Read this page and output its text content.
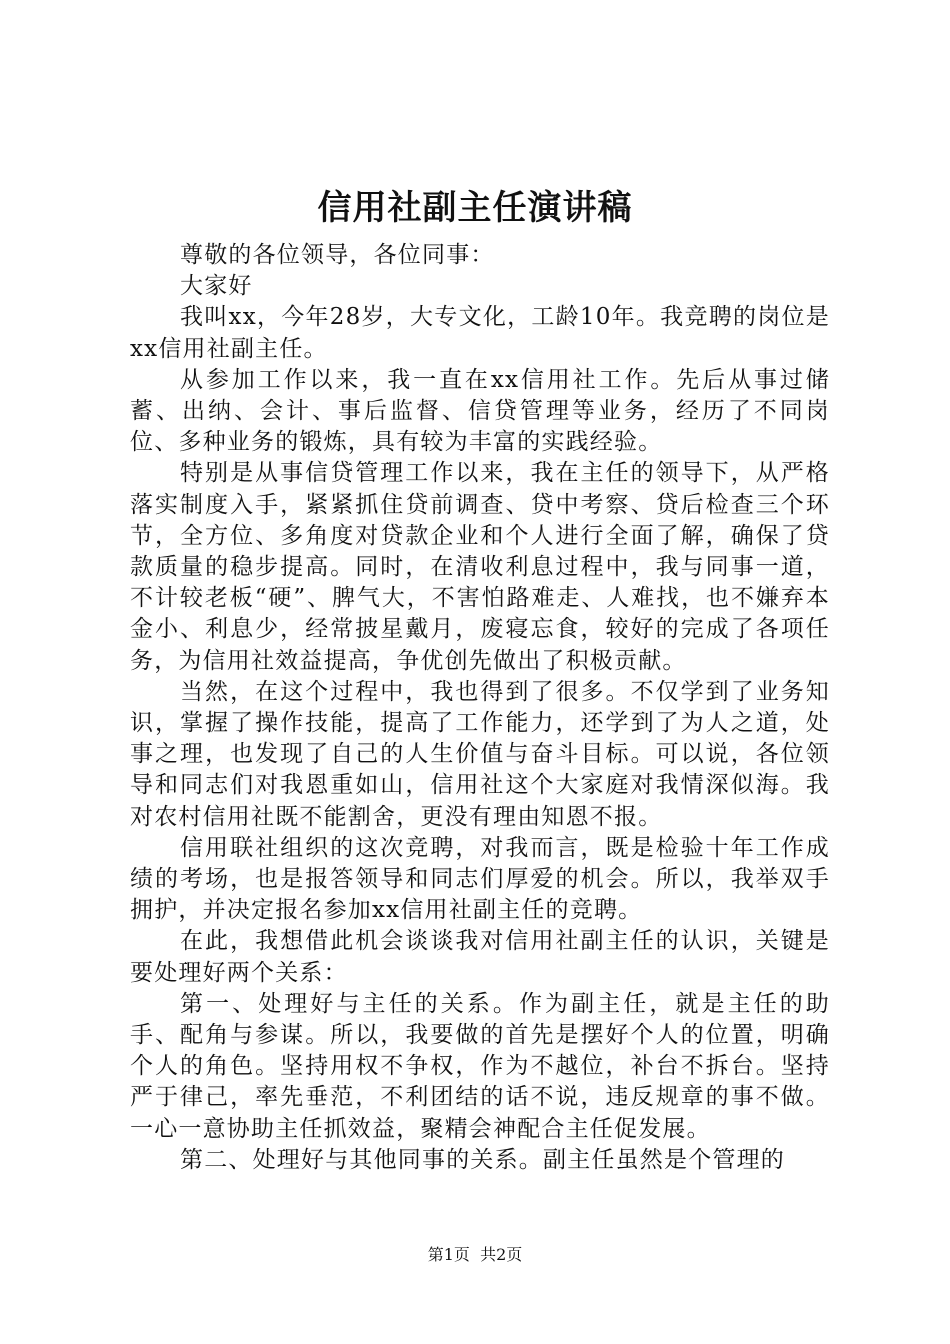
信用社副主任演讲稿

尊敬的各位领导，各位同事：

大家好

我叫xx，今年28岁，大专文化，工龄10年。我竞聘的岗位是xx信用社副主任。

从参加工作以来，我一直在xx信用社工作。先后从事过储蓄、出纳、会计、事后监督、信贷管理等业务，经历了不同岗位、多种业务的锻炼，具有较为丰富的实践经验。

特别是从事信贷管理工作以来，我在主任的领导下，从严格落实制度入手，紧紧抓住贷前调查、贷中考察、贷后检查三个环节，全方位、多角度对贷款企业和个人进行全面了解，确保了贷款质量的稳步提高。同时，在清收利息过程中，我与同事一道，不计较老板“硬”、脾气大，不害怕路难走、人难找，也不嫌弃本金小、利息少，经常披星戴月，废寝忘食，较好的完成了各项任务，为信用社效益提高，争优创先做出了积极贡献。

当然，在这个过程中，我也得到了很多。不仅学到了业务知识，掌握了操作技能，提高了工作能力，还学到了为人之道，处事之理，也发现了自己的人生价值与奋斗目标。可以说，各位领导和同志们对我恩重如山，信用社这个大家庭对我情深似海。我对农村信用社既不能割舍，更没有理由知恩不报。

信用联社组织的这次竞聘，对我而言，既是检验十年工作成绩的考场，也是报答领导和同志们厚爱的机会。所以，我举双手拥护，并决定报名参加xx信用社副主任的竞聘。

在此，我想借此机会谈谈我对信用社副主任的认识，关键是要处理好两个关系：

第一、处理好与主任的关系。作为副主任，就是主任的助手、配角与参谋。所以，我要做的首先是摆好个人的位置，明确个人的角色。坚持用权不争权，作为不越位，补台不拆台。坚持严于律己，率先垂范，不利团结的话不说，违反规章的事不做。一心一意协助主任抓效益，聚精会神配合主任促发展。

第二、处理好与其他同事的关系。副主任虽然是个管理的

第1页 共2页
